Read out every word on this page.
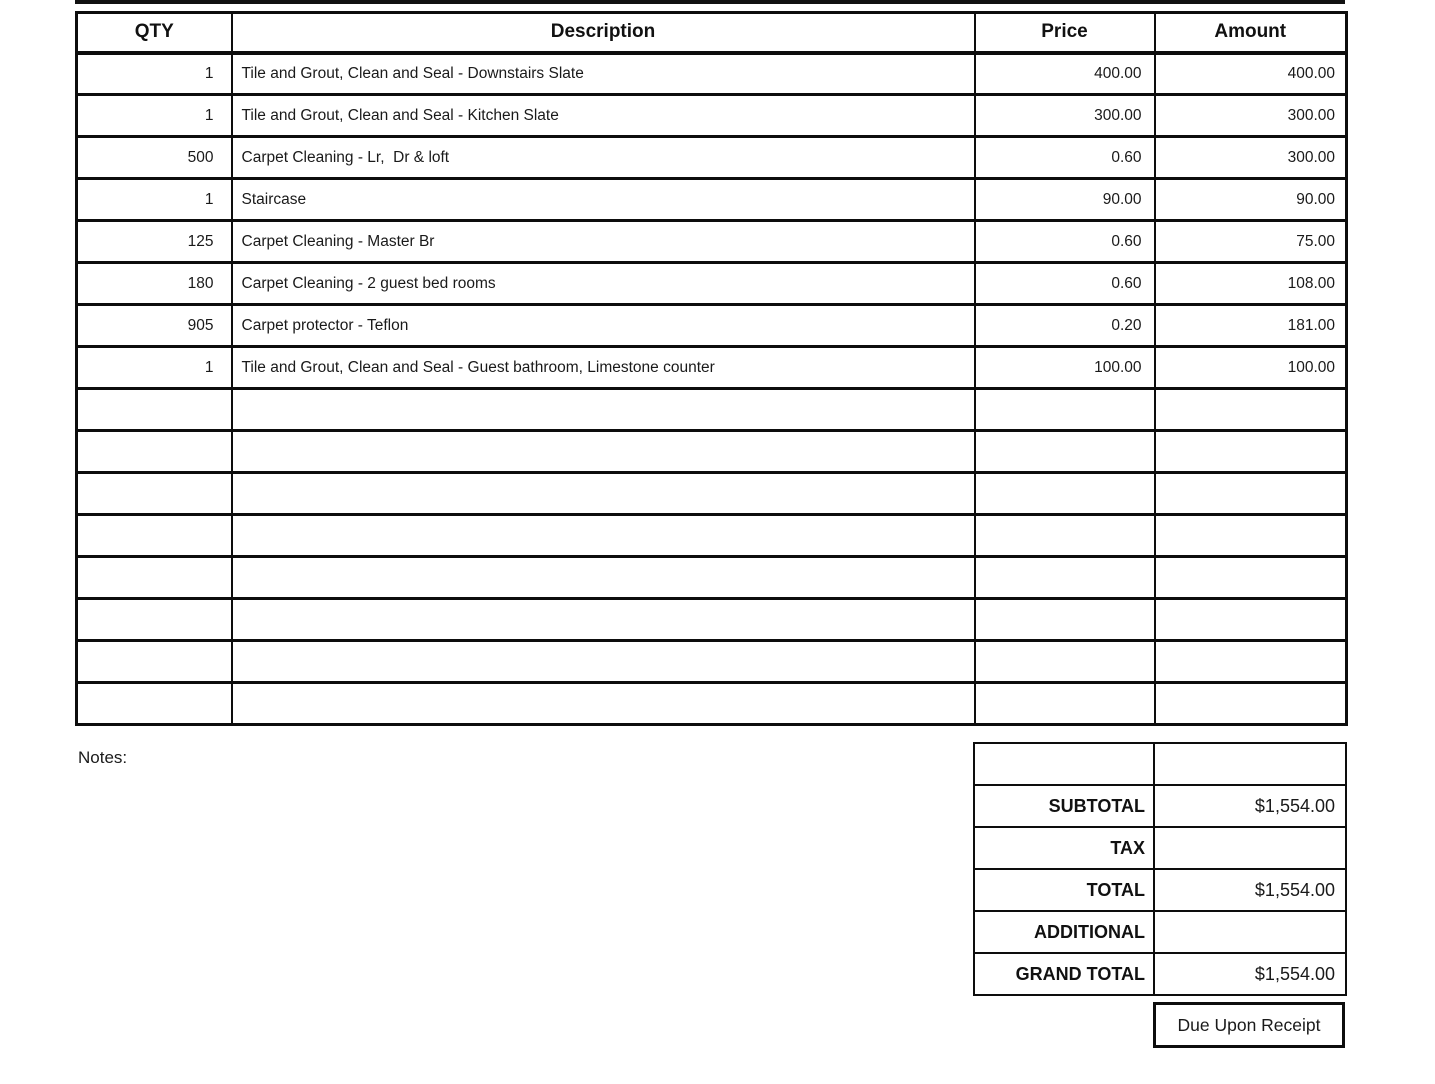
QTY	Description	Price	Amount
1	Tile and Grout, Clean and Seal - Downstairs Slate	400.00	400.00
1	Tile and Grout, Clean and Seal - Kitchen Slate	300.00	300.00
500	Carpet Cleaning - Lr,  Dr & loft	0.60	300.00
1	Staircase	90.00	90.00
125	Carpet Cleaning - Master Br	0.60	75.00
180	Carpet Cleaning - 2 guest bed rooms	0.60	108.00
905	Carpet protector - Teflon	0.20	181.00
1	Tile and Grout, Clean and Seal - Guest bathroom, Limestone counter	100.00	100.00

Notes:

SUBTOTAL	$1,554.00
TAX	
TOTAL	$1,554.00
ADDITIONAL	
GRAND TOTAL	$1,554.00
Due Upon Receipt
